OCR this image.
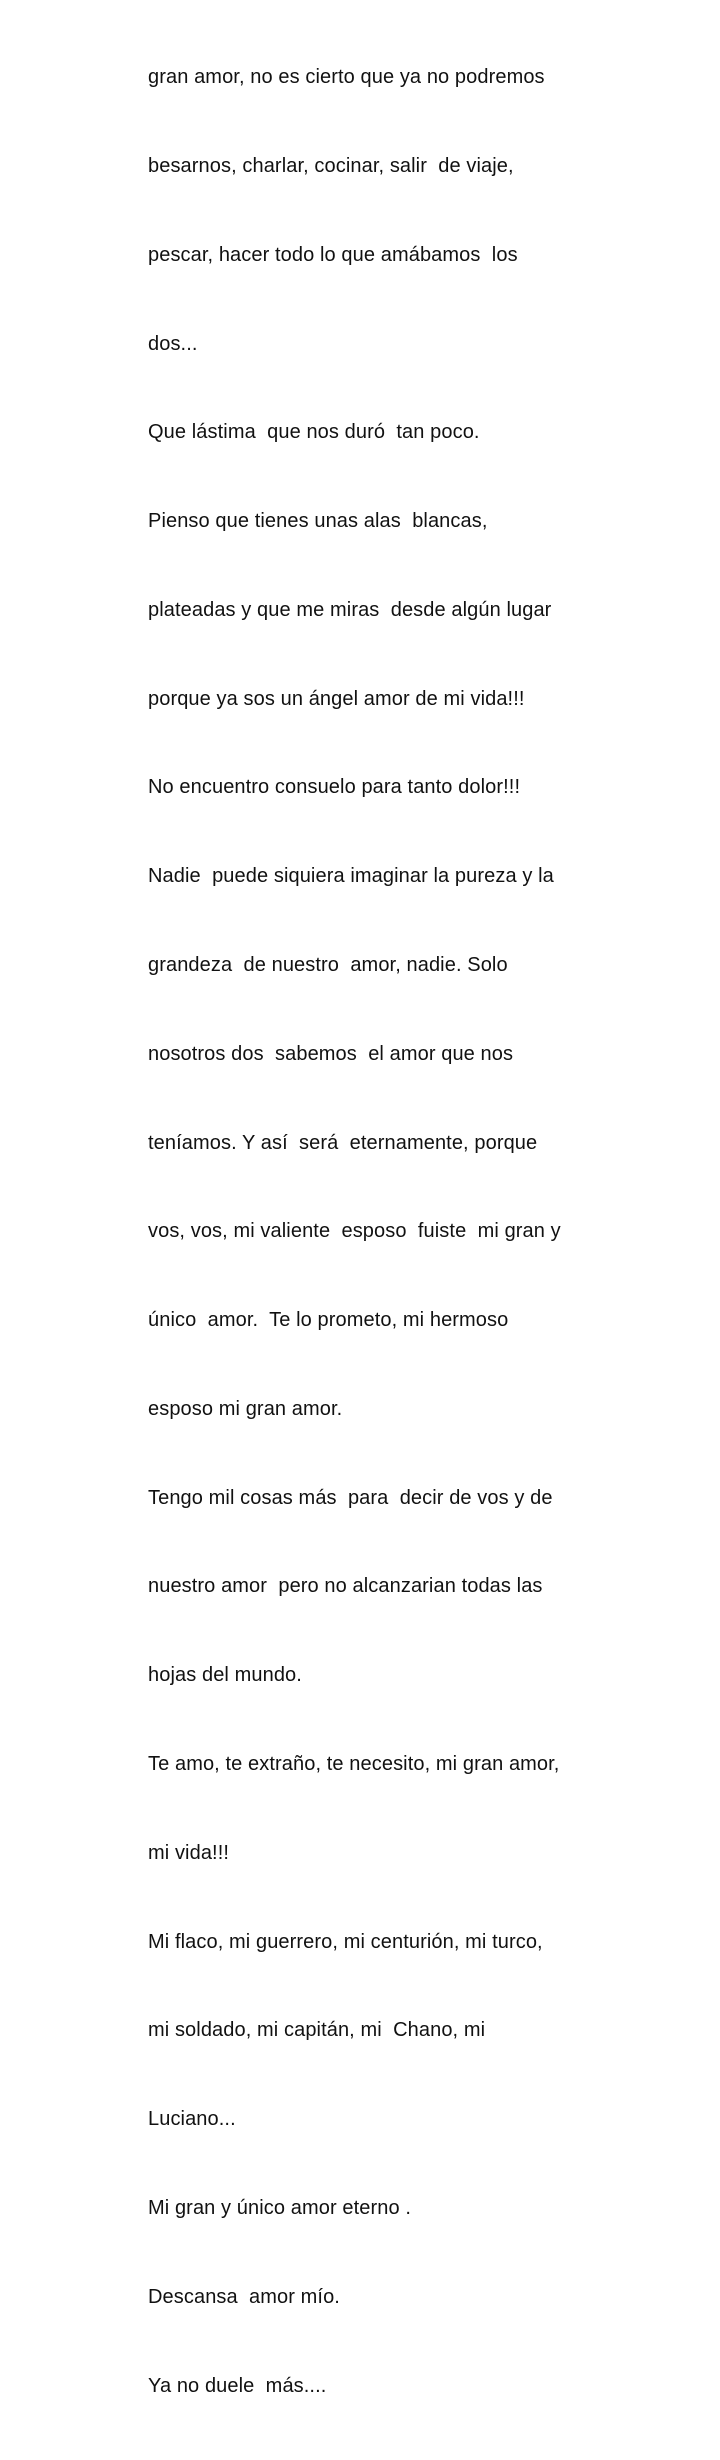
gran amor, no es cierto que ya no podremos

besarnos, charlar, cocinar, salir  de viaje,

pescar, hacer todo lo que amábamos  los

dos...

Que lástima  que nos duró  tan poco.

Pienso que tienes unas alas  blancas,

plateadas y que me miras  desde algún lugar

porque ya sos un ángel amor de mi vida!!!

No encuentro consuelo para tanto dolor!!!

Nadie  puede siquiera imaginar la pureza y la

grandeza  de nuestro  amor, nadie. Solo

nosotros dos  sabemos  el amor que nos

teníamos. Y así  será  eternamente, porque

vos, vos, mi valiente  esposo  fuiste  mi gran y

único  amor.  Te lo prometo, mi hermoso

esposo mi gran amor.

Tengo mil cosas más  para  decir de vos y de

nuestro amor  pero no alcanzarian todas las

hojas del mundo.

Te amo, te extraño, te necesito, mi gran amor,

mi vida!!!

Mi flaco, mi guerrero, mi centurión, mi turco,

mi soldado, mi capitán, mi  Chano, mi

Luciano...

Mi gran y único amor eterno .

Descansa  amor mío.

Ya no duele  más....
